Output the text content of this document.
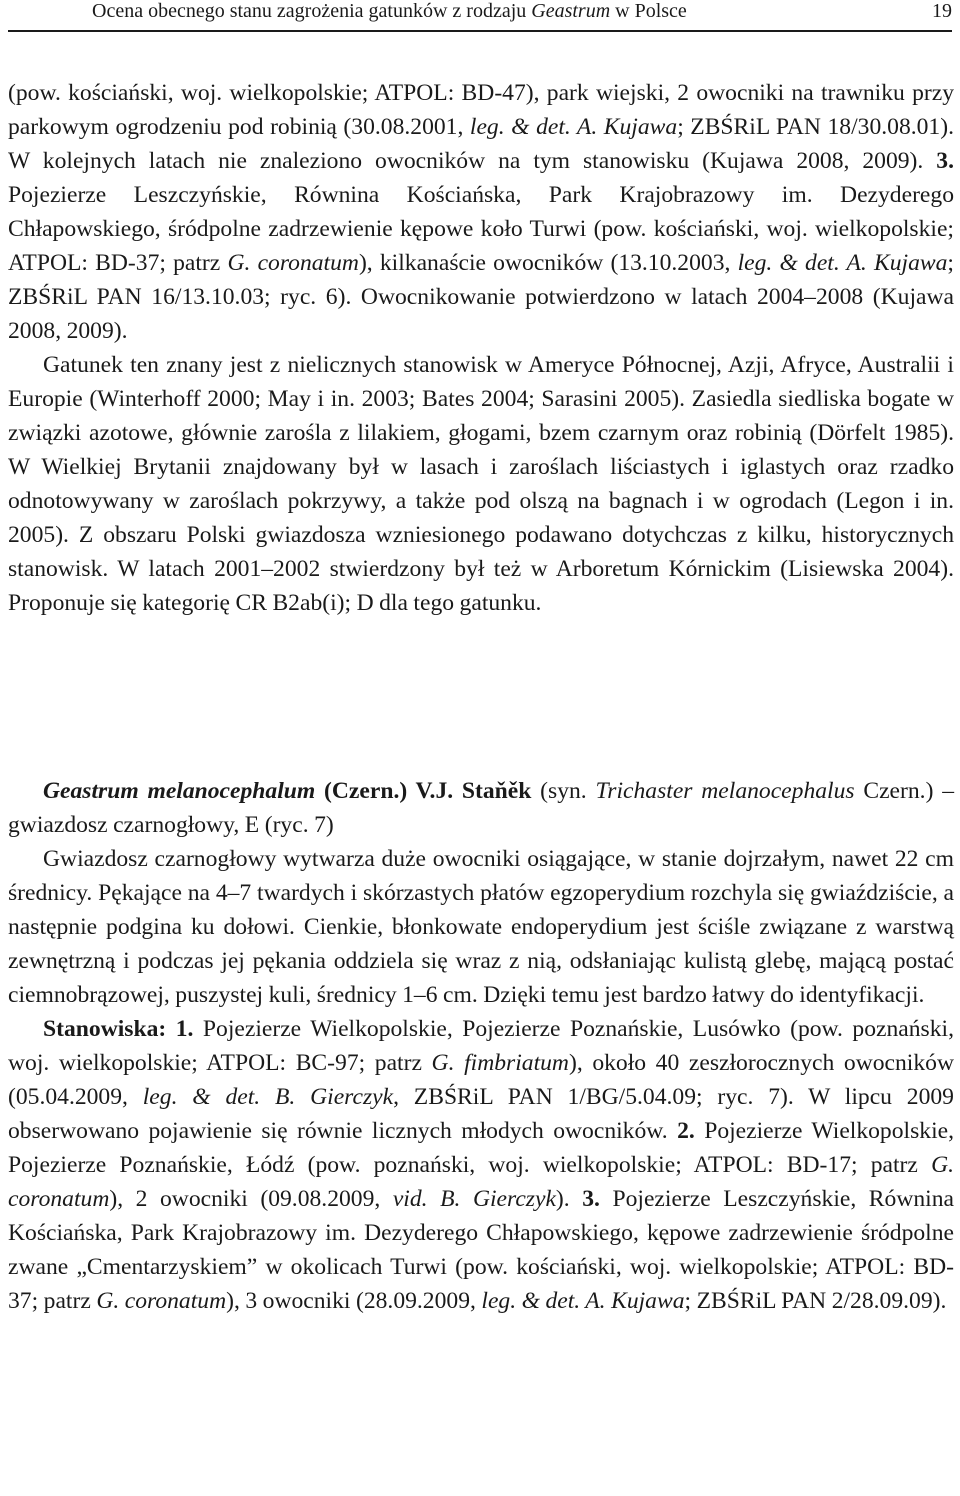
Ocena obecnego stanu zagrożenia gatunków z rodzaju Geastrum w Polsce	19

(pow. kościański, woj. wielkopolskie; ATPOL: BD-47), park wiejski, 2 owocniki na trawniku przy parkowym ogrodzeniu pod robinią (30.08.2001, leg. & det. A. Kujawa; ZBŚRiL PAN 18/30.08.01). W kolejnych latach nie znaleziono owocników na tym stanowisku (Kujawa 2008, 2009). 3. Pojezierze Leszczyńskie, Równina Kościańska, Park Krajobrazowy im. Dezyderego Chłapowskiego, śródpolne zadrzewienie kępowe koło Turwi (pow. kościański, woj. wielkopolskie; ATPOL: BD-37; patrz G. coronatum), kilkanaście owocników (13.10.2003, leg. & det. A. Kujawa; ZBŚRiL PAN 16/13.10.03; ryc. 6). Owocnikowanie potwierdzono w latach 2004–2008 (Kujawa 2008, 2009).

Gatunek ten znany jest z nielicznych stanowisk w Ameryce Północnej, Azji, Afryce, Australii i Europie (Winterhoff 2000; May i in. 2003; Bates 2004; Sarasini 2005). Zasiedla siedliska bogate w związki azotowe, głównie zarośla z lilakiem, głogami, bzem czarnym oraz robinią (Dörfelt 1985). W Wielkiej Brytanii znajdowany był w lasach i zaroślach liściastych i iglastych oraz rzadko odnotowywany w zaroślach pokrzywy, a także pod olszą na bagnach i w ogrodach (Legon i in. 2005). Z obszaru Polski gwiazdosza wzniesionego podawano dotychczas z kilku, historycznych stanowisk. W latach 2001–2002 stwierdzony był też w Arboretum Kórnickim (Lisiewska 2004). Proponuje się kategorię CR B2ab(i); D dla tego gatunku.

Geastrum melanocephalum (Czern.) V.J. Staňěk (syn. Trichaster melanocephalus Czern.) – gwiazdosz czarnogłowy, E (ryc. 7)

Gwiazdosz czarnogłowy wytwarza duże owocniki osiągające, w stanie dojrzałym, nawet 22 cm średnicy. Pękające na 4–7 twardych i skórzastych płatów egzoperydium rozchyla się gwiaździście, a następnie podgina ku dołowi. Cienkie, błonkowate endoperydium jest ściśle związane z warstwą zewnętrzną i podczas jej pękania oddziela się wraz z nią, odsłaniając kulistą glebę, mającą postać ciemnobrązowej, puszystej kuli, średnicy 1–6 cm. Dzięki temu jest bardzo łatwy do identyfikacji.

Stanowiska: 1. Pojezierze Wielkopolskie, Pojezierze Poznańskie, Lusówko (pow. poznański, woj. wielkopolskie; ATPOL: BC-97; patrz G. fimbriatum), około 40 zeszłorocznych owocników (05.04.2009, leg. & det. B. Gierczyk, ZBŚRiL PAN 1/BG/5.04.09; ryc. 7). W lipcu 2009 obserwowano pojawienie się równie licznych młodych owocników. 2. Pojezierze Wielkopolskie, Pojezierze Poznańskie, Łódź (pow. poznański, woj. wielkopolskie; ATPOL: BD-17; patrz G. coronatum), 2 owocniki (09.08.2009, vid. B. Gierczyk). 3. Pojezierze Leszczyńskie, Równina Kościańska, Park Krajobrazowy im. Dezyderego Chłapowskiego, kępowe zadrzewienie śródpolne zwane „Cmentarzyskiem” w okolicach Turwi (pow. kościański, woj. wielkopolskie; ATPOL: BD-37; patrz G. coronatum), 3 owocniki (28.09.2009, leg. & det. A. Kujawa; ZBŚRiL PAN 2/28.09.09).
